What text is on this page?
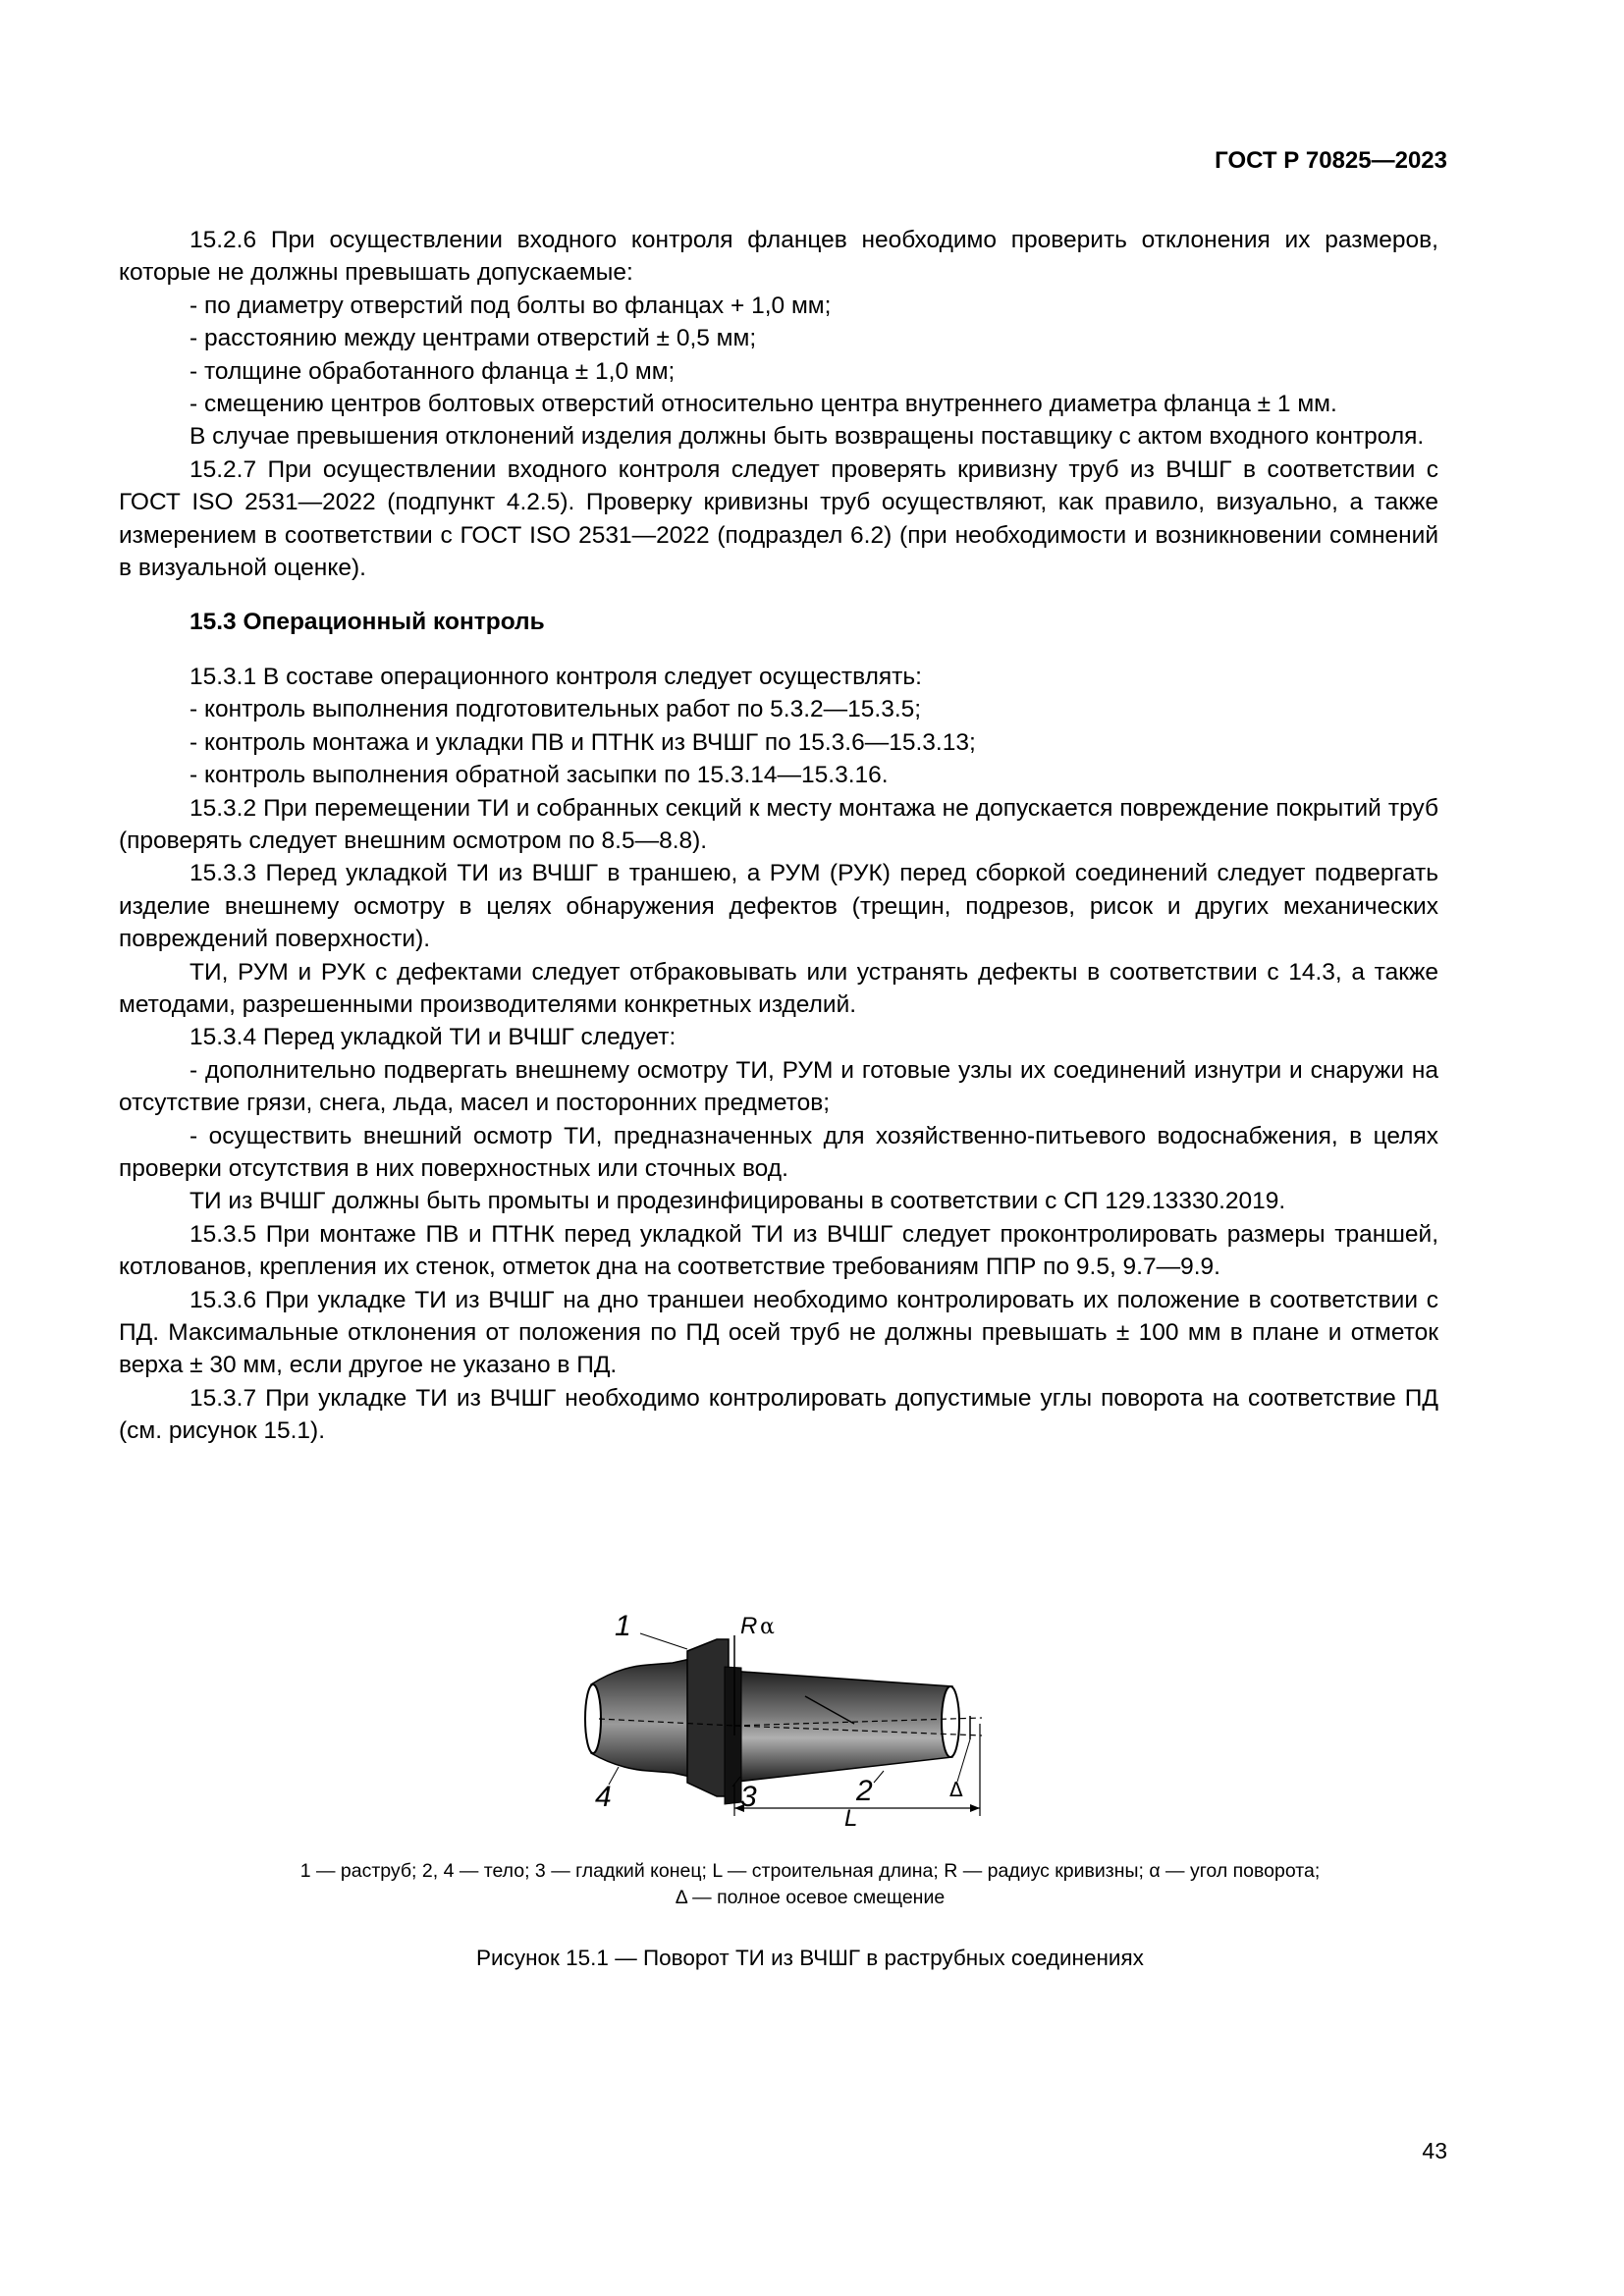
ГОСТ Р 70825—2023

15.2.6 При осуществлении входного контроля фланцев необходимо проверить отклонения их размеров, которые не должны превышать допускаемые:

- по диаметру отверстий под болты во фланцах + 1,0 мм;

- расстоянию между центрами отверстий ± 0,5 мм;

- толщине обработанного фланца ± 1,0 мм;

- смещению центров болтовых отверстий относительно центра внутреннего диаметра фланца ± 1 мм.

В случае превышения отклонений изделия должны быть возвращены поставщику с актом входного контроля.

15.2.7 При осуществлении входного контроля следует проверять кривизну труб из ВЧШГ в соответствии с ГОСТ ISO 2531—2022 (подпункт 4.2.5). Проверку кривизны труб осуществляют, как правило, визуально, а также измерением в соответствии с ГОСТ ISO 2531—2022 (подраздел 6.2) (при необходимости и возникновении сомнений в визуальной оценке).

15.3 Операционный контроль

15.3.1 В составе операционного контроля следует осуществлять:

- контроль выполнения подготовительных работ по 5.3.2—15.3.5;

- контроль монтажа и укладки ПВ и ПТНК из ВЧШГ по 15.3.6—15.3.13;

- контроль выполнения обратной засыпки по 15.3.14—15.3.16.

15.3.2 При перемещении ТИ и собранных секций к месту монтажа не допускается повреждение покрытий труб (проверять следует внешним осмотром по 8.5—8.8).

15.3.3 Перед укладкой ТИ из ВЧШГ в траншею, а РУМ (РУК) перед сборкой соединений следует подвергать изделие внешнему осмотру в целях обнаружения дефектов (трещин, подрезов, рисок и других механических повреждений поверхности).

ТИ, РУМ и РУК с дефектами следует отбраковывать или устранять дефекты в соответствии с 14.3, а также методами, разрешенными производителями конкретных изделий.

15.3.4 Перед укладкой ТИ и ВЧШГ следует:

- дополнительно подвергать внешнему осмотру ТИ, РУМ и готовые узлы их соединений изнутри и снаружи на отсутствие грязи, снега, льда, масел и посторонних предметов;

- осуществить внешний осмотр ТИ, предназначенных для хозяйственно-питьевого водоснабжения, в целях проверки отсутствия в них поверхностных или сточных вод.

ТИ из ВЧШГ должны быть промыты и продезинфицированы в соответствии с СП 129.13330.2019.

15.3.5 При монтаже ПВ и ПТНК перед укладкой ТИ из ВЧШГ следует проконтролировать размеры траншей, котлованов, крепления их стенок, отметок дна на соответствие требованиям ППР по 9.5, 9.7—9.9.

15.3.6 При укладке ТИ из ВЧШГ на дно траншеи необходимо контролировать их положение в соответствии с ПД. Максимальные отклонения от положения по ПД осей труб не должны превышать ± 100 мм в плане и отметок верха ± 30 мм, если другое не указано в ПД.

15.3.7 При укладке ТИ из ВЧШГ необходимо контролировать допустимые углы поворота на соответствие ПД (см. рисунок 15.1).

1
4	3	2
R α
L
Δ

1 — раструб; 2, 4 — тело; 3 — гладкий конец; L — строительная длина; R — радиус кривизны; α — угол поворота;

Δ — полное осевое смещение

Рисунок 15.1 — Поворот ТИ из ВЧШГ в раструбных соединениях
43
